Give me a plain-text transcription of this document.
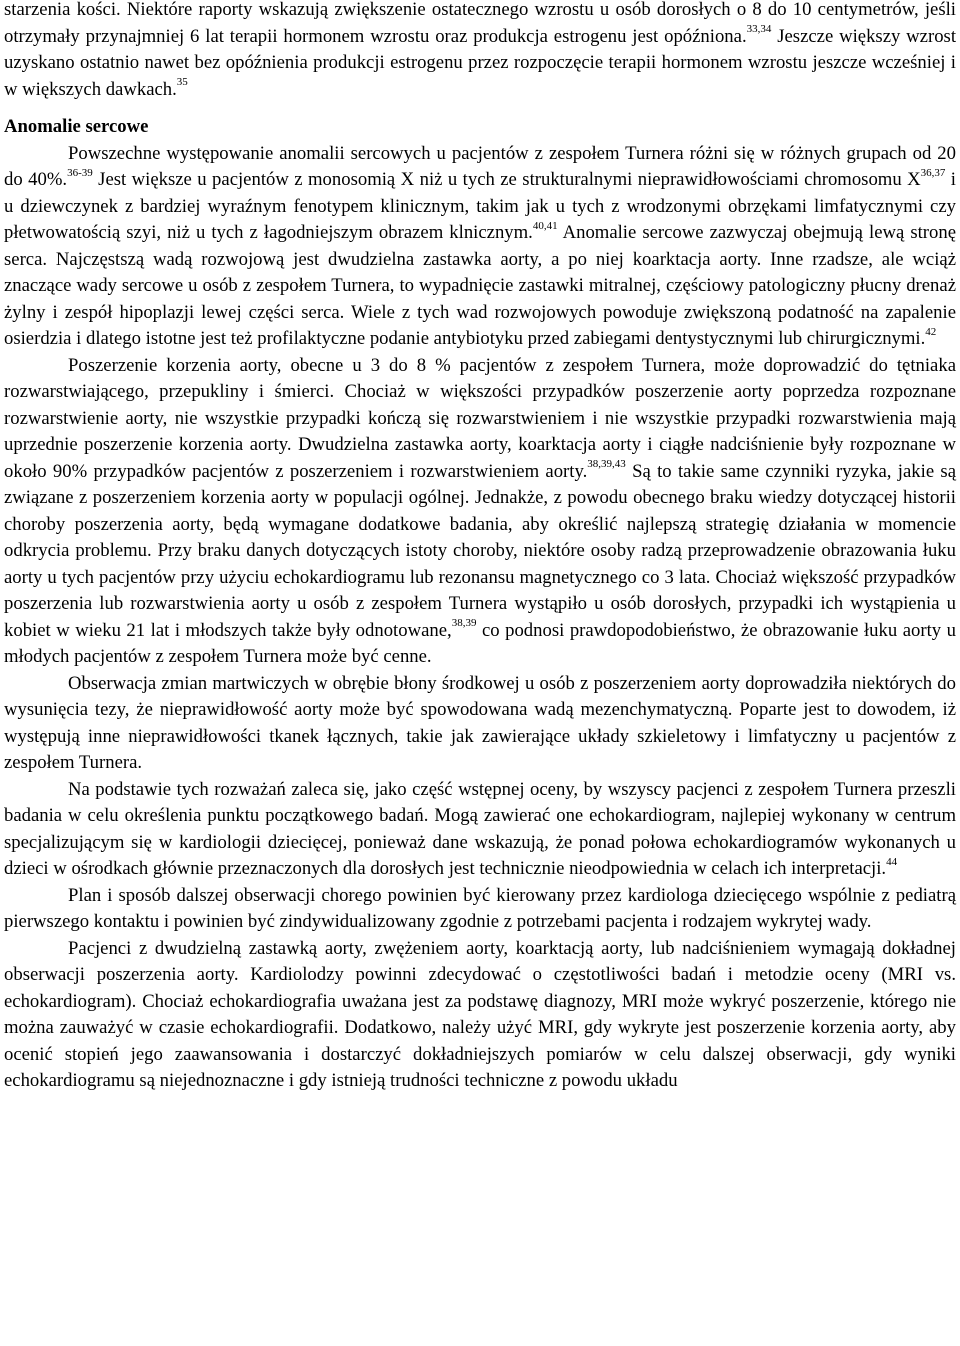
starzenia kości. Niektóre raporty wskazują zwiększenie ostatecznego wzrostu u osób dorosłych o 8 do 10 centymetrów, jeśli otrzymały przynajmniej 6 lat terapii hormonem wzrostu oraz produkcja estrogenu jest opóźniona.$^{33,34}$ Jeszcze większy wzrost uzyskano ostatnio nawet bez opóźnienia produkcji estrogenu przez rozpoczęcie terapii hormonem wzrostu jeszcze wcześniej i w większych dawkach.$^{35}$

Anomalie sercowe

Powszechne występowanie anomalii sercowych u pacjentów z zespołem Turnera różni się w różnych grupach od 20 do 40%.$^{36-39}$ Jest większe u pacjentów z monosomią X niż u tych ze strukturalnymi nieprawidłowościami chromosomu X$^{36,37}$ i u dziewczynek z bardziej wyraźnym fenotypem klinicznym, takim jak u tych z wrodzonymi obrzękami limfatycznymi czy płetwowatością szyi, niż u tych z łagodniejszym obrazem klnicznym.$^{40,41}$ Anomalie sercowe zazwyczaj obejmują lewą stronę serca. Najczęstszą wadą rozwojową jest dwudzielna zastawka aorty, a po niej koarktacja aorty. Inne rzadsze, ale wciąż znaczące wady sercowe u osób z zespołem Turnera, to wypadnięcie zastawki mitralnej, częściowy patologiczny płucny drenaż żylny i zespół hipoplazji lewej części serca. Wiele z tych wad rozwojowych powoduje zwiększoną podatność na zapalenie osierdzia i dlatego istotne jest też profilaktyczne podanie antybiotyku przed zabiegami dentystycznymi lub chirurgicznymi.$^{42}$

Poszerzenie korzenia aorty, obecne u 3 do 8 % pacjentów z zespołem Turnera, może doprowadzić do tętniaka rozwarstwiającego, przepukliny i śmierci. Chociaż w większości przypadków poszerzenie aorty poprzedza rozpoznane rozwarstwienie aorty, nie wszystkie przypadki kończą się rozwarstwieniem i nie wszystkie przypadki rozwarstwienia mają uprzednie poszerzenie korzenia aorty. Dwudzielna zastawka aorty, koarktacja aorty i ciągłe nadciśnienie były rozpoznane w około 90% przypadków pacjentów z poszerzeniem i rozwarstwieniem aorty.$^{38,39,43}$ Są to takie same czynniki ryzyka, jakie są związane z poszerzeniem korzenia aorty w populacji ogólnej. Jednakże, z powodu obecnego braku wiedzy dotyczącej historii choroby poszerzenia aorty, będą wymagane dodatkowe badania, aby określić najlepszą strategię działania w momencie odkrycia problemu. Przy braku danych dotyczących istoty choroby, niektóre osoby radzą przeprowadzenie obrazowania łuku aorty u tych pacjentów przy użyciu echokardiogramu lub rezonansu magnetycznego co 3 lata. Chociaż większość przypadków poszerzenia lub rozwarstwienia aorty u osób z zespołem Turnera wystąpiło u osób dorosłych, przypadki ich wystąpienia u kobiet w wieku 21 lat i młodszych także były odnotowane,$^{38,39}$ co podnosi prawdopodobieństwo, że obrazowanie łuku aorty u młodych pacjentów z zespołem Turnera może być cenne.

Obserwacja zmian martwiczych w obrębie błony środkowej u osób z poszerzeniem aorty doprowadziła niektórych do wysunięcia tezy, że nieprawidłowość aorty może być spowodowana wadą mezenchymatyczną. Poparte jest to dowodem, iż występują inne nieprawidłowości tkanek łącznych, takie jak zawierające układy szkieletowy i limfatyczny u pacjentów z zespołem Turnera.

Na podstawie tych rozważań zaleca się, jako część wstępnej oceny, by wszyscy pacjenci z zespołem Turnera przeszli badania w celu określenia punktu początkowego badań. Mogą zawierać one echokardiogram, najlepiej wykonany w centrum specjalizującym się w kardiologii dziecięcej, ponieważ dane wskazują, że ponad połowa echokardiogramów wykonanych u dzieci w ośrodkach głównie przeznaczonych dla dorosłych jest technicznie nieodpowiednia w celach ich interpretacji.$^{44}$

Plan i sposób dalszej obserwacji chorego powinien być kierowany przez kardiologa dziecięcego wspólnie z pediatrą pierwszego kontaktu i powinien być zindywidualizowany zgodnie z potrzebami pacjenta i rodzajem wykrytej wady.

Pacjenci z dwudzielną zastawką aorty, zwężeniem aorty, koarktacją aorty, lub nadciśnieniem wymagają dokładnej obserwacji poszerzenia aorty. Kardiolodzy powinni zdecydować o częstotliwości badań i metodzie oceny (MRI vs. echokardiogram). Chociaż echokardiografia uważana jest za podstawę diagnozy, MRI może wykryć poszerzenie, którego nie można zauważyć w czasie echokardiografii. Dodatkowo, należy użyć MRI, gdy wykryte jest poszerzenie korzenia aorty, aby ocenić stopień jego zaawansowania i dostarczyć dokładniejszych pomiarów w celu dalszej obserwacji, gdy wyniki echokardiogramu są niejednoznaczne i gdy istnieją trudności techniczne z powodu układu
